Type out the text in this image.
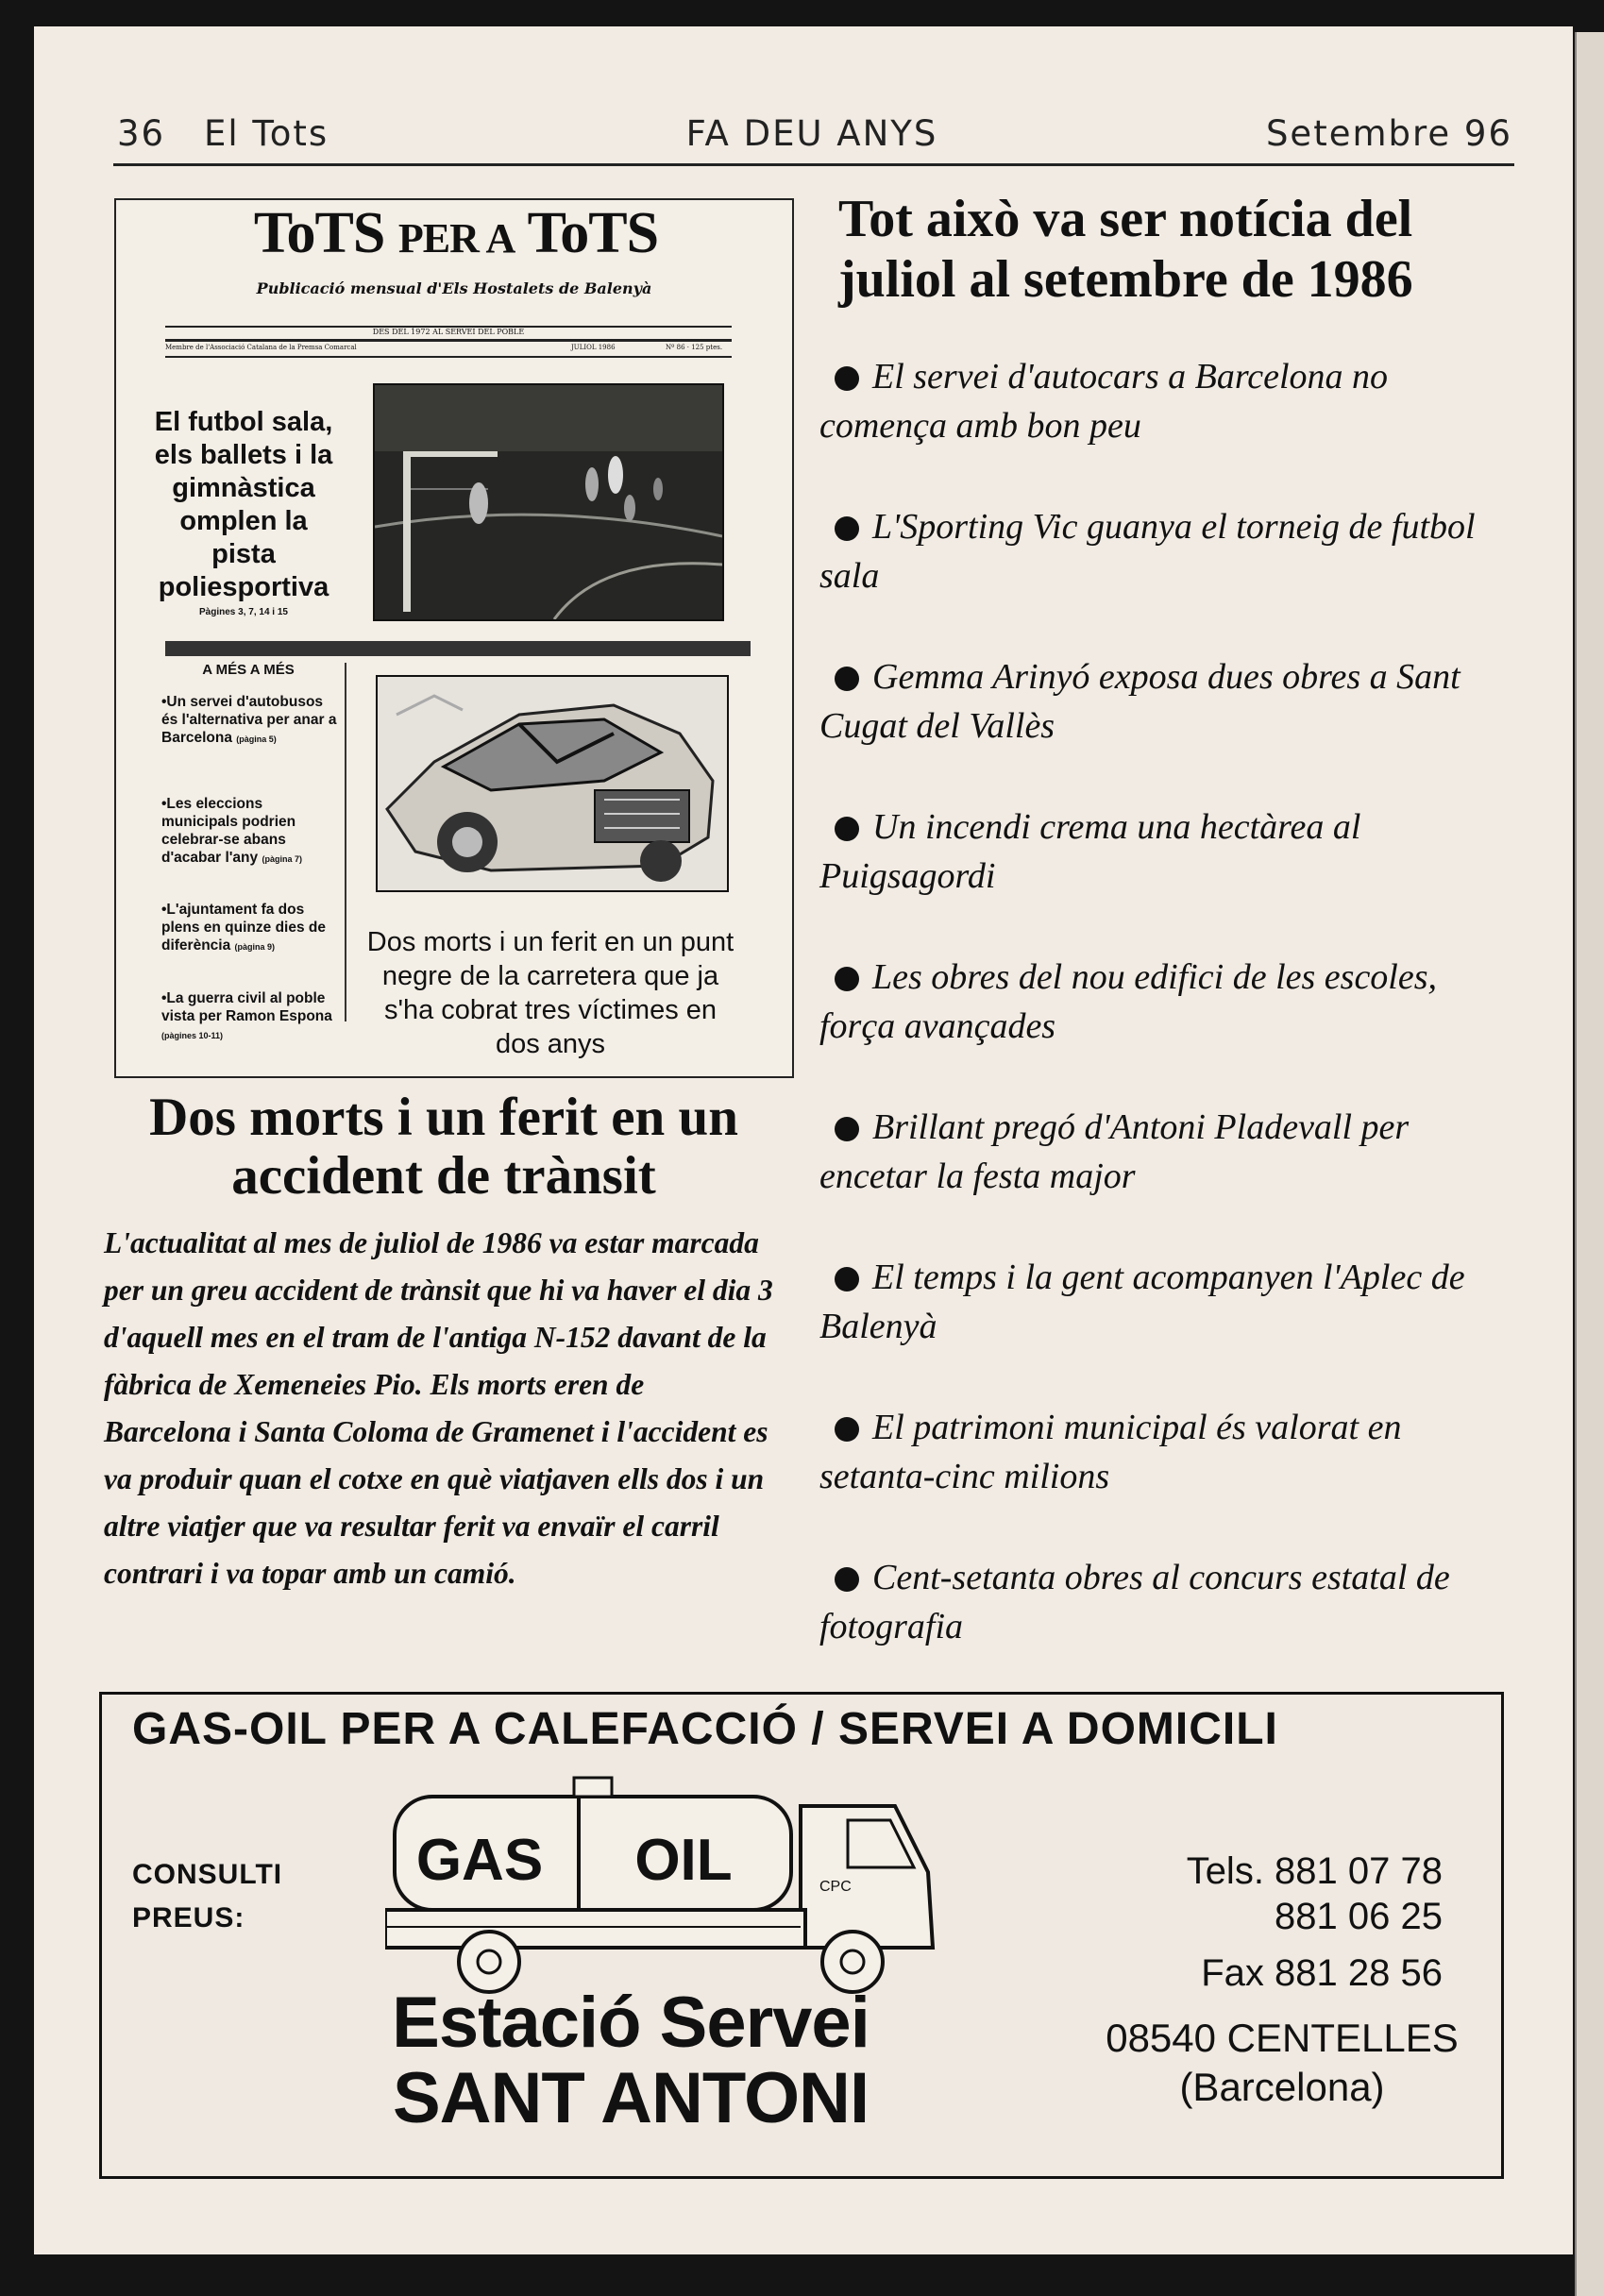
36 El Tots	FA DEU ANYS	Setembre 96
ToTS PER A ToTS
Publicació mensual d'Els Hostalets de Balenyà
DES DEL 1972 AL SERVEI DEL POBLE
Membre de l'Associació Catalana de la Premsa Comarcal	JULIOL 1986	Nº 86 · 125 ptes.
El futbol sala, els ballets i la gimnàstica omplen la pista poliesportiva
Pàgines 3, 7, 14 i 15
A MÉS A MÉS
•Un servei d'autobusos és l'alternativa per anar a Barcelona (pàgina 5)
•Les eleccions municipals podrien celebrar-se abans d'acabar l'any (pàgina 7)
•L'ajuntament fa dos plens en quinze dies de diferència (pàgina 9)
•La guerra civil al poble vista per Ramon Espona (pàgines 10-11)
Dos morts i un ferit en un punt negre de la carretera que ja s'ha cobrat tres víctimes en dos anys
Dos morts i un ferit en un accident de trànsit
L'actualitat al mes de juliol de 1986 va estar marcada per un greu accident de trànsit que hi va haver el dia 3 d'aquell mes en el tram de l'antiga N-152 davant de la fàbrica de Xemeneies Pio. Els morts eren de Barcelona i Santa Coloma de Gramenet i l'accident es va produir quan el cotxe en què viatjaven ells dos i un altre viatjer que va resultar ferit va envaïr el carril contrari i va topar amb un camió.
Tot això va ser notícia del juliol al setembre de 1986
El servei d'autocars a Barcelona no comença amb bon peu
L'Sporting Vic guanya el torneig de futbol sala
Gemma Arinyó exposa dues obres a Sant Cugat del Vallès
Un incendi crema una hectàrea al Puigsagordi
Les obres del nou edifici de les escoles, força avançades
Brillant pregó d'Antoni Pladevall per encetar la festa major
El temps i la gent acompanyen l'Aplec de Balenyà
El patrimoni municipal és valorat en setanta-cinc milions
Cent-setanta obres al concurs estatal de fotografia
GAS-OIL PER A CALEFACCIÓ / SERVEI A DOMICILI
CONSULTI
PREUS:
GAS OIL	CPC
Estació Servei
SANT ANTONI
Tels. 881 07 78
881 06 25
Fax 881 28 56
08540 CENTELLES
(Barcelona)
